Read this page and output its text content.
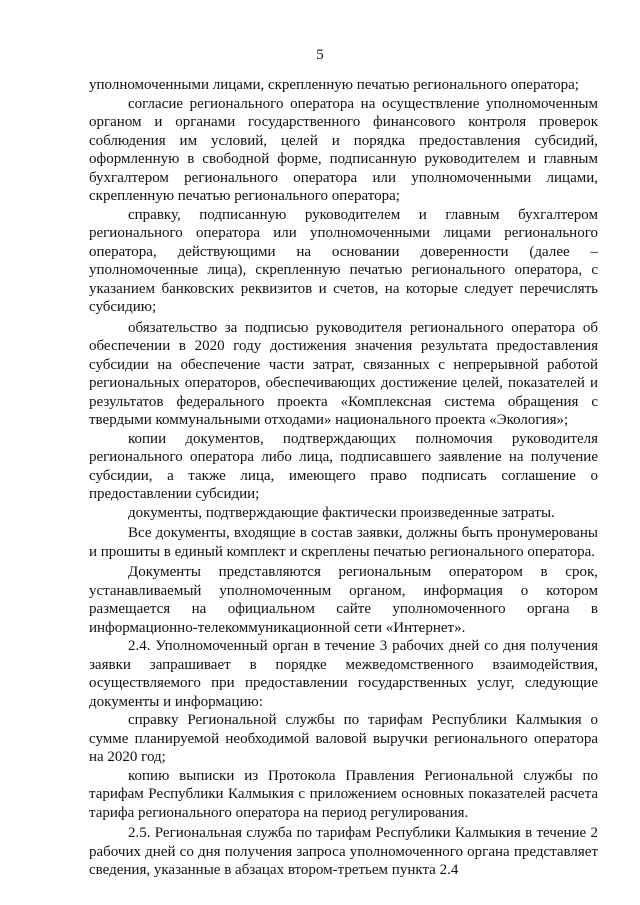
5

уполномоченными лицами, скрепленную печатью регионального оператора;

согласие регионального оператора на осуществление уполномоченным органом и органами государственного финансового контроля проверок соблюдения им условий, целей и порядка предоставления субсидий, оформленную в свободной форме, подписанную руководителем и главным бухгалтером регионального оператора или уполномоченными лицами, скрепленную печатью регионального оператора;

справку, подписанную руководителем и главным бухгалтером регионального оператора или уполномоченными лицами регионального оператора, действующими на основании доверенности (далее – уполномоченные лица), скрепленную печатью регионального оператора, с указанием банковских реквизитов и счетов, на которые следует перечислять субсидию;

обязательство за подписью руководителя регионального оператора об обеспечении в 2020 году достижения значения результата предоставления субсидии на обеспечение части затрат, связанных с непрерывной работой региональных операторов, обеспечивающих достижение целей, показателей и результатов федерального проекта «Комплексная система обращения с твердыми коммунальными отходами» национального проекта «Экология»;

копии документов, подтверждающих полномочия руководителя регионального оператора либо лица, подписавшего заявление на получение субсидии, а также лица, имеющего право подписать соглашение о предоставлении субсидии;

документы, подтверждающие фактически произведенные затраты.

Все документы, входящие в состав заявки, должны быть пронумерованы и прошиты в единый комплект и скреплены печатью регионального оператора.

Документы представляются региональным оператором в срок, устанавливаемый уполномоченным органом, информация о котором размещается на официальном сайте уполномоченного органа в информационно-телекоммуникационной сети «Интернет».

2.4. Уполномоченный орган в течение 3 рабочих дней со дня получения заявки запрашивает в порядке межведомственного взаимодействия, осуществляемого при предоставлении государственных услуг, следующие документы и информацию:

справку Региональной службы по тарифам Республики Калмыкия о сумме планируемой необходимой валовой выручки регионального оператора на 2020 год;

копию выписки из Протокола Правления Региональной службы по тарифам Республики Калмыкия с приложением основных показателей расчета тарифа регионального оператора на период регулирования.

2.5. Региональная служба по тарифам Республики Калмыкия в течение 2 рабочих дней со дня получения запроса уполномоченного органа представляет сведения, указанные в абзацах втором-третьем пункта 2.4
